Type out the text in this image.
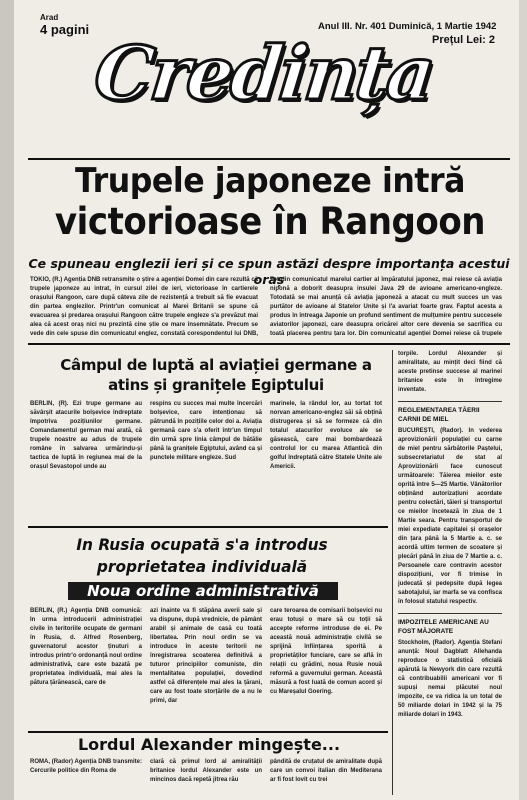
Arad
4 pagini	Anul III. Nr. 401 Duminică, 1 Martie 1942
Prețul Lei: 2
Credința
Trupele japoneze intră
victorioase în Rangoon
Ce spuneau englezii ieri și ce spun astăzi despre importanța acestui oraș

TOKIO, (R.) Agenția DNB retransmite o știre a agenției Domei din care rezultă că trupele japoneze au intrat, în cursul zilei de ieri, victorioase în cartierele orașului Rangoon, care după câteva zile de rezistență a trebuit să fie evacuat din partea englezilor. Printr'un comunicat al Marei Britanii se spune că evacuarea și predarea orașului Rangoon către trupele engleze s'a prevăzut mai alea că acest oraș nici nu prezintă cine știe ce mare însemnătate. Precum se vede din cele spuse din comunicatul englez, constată corespondentul lui DNB,

Tot din comunicatul marelui cartier al împăratului japonez, mai reiese că aviația niponă a doborît deasupra insulei Java 29 de avioane americano-engleze. Totodată se mai anunță că aviația japoneză a atacat cu mult succes un vas purtător de avioane al Statelor Unite și l'a avariat foarte grav. Faptul acesta a produs în întreaga Japonie un profund sentiment de mulțumire pentru succesele aviatorilor japonezi, care deasupra oricărei altor cere devenia se sacrifica cu toată placerea pentru țara lor. Din comunicatul agenției Domei reiese că trupele

Câmpul de luptă al aviației germane a atins și granițele Egiptului

BERLIN, (R). Ezi trupe germane au săvârșit atacurile bolșevice îndreptate împotriva pozițiunilor germane. Comandamentul german mai arată, că trupele noastre au adus de trupele române în salvarea urmărindu-și tactica de luptă în regiunea mai de la orașul Sevastopol unde au

respins cu succes mai multe încercări bolșevice, care intenționau să pătrundă în pozițiile celor doi a. Aviația germană care s'a oferit într'un timpul din urmă spre linia câmpul de bătălie până la granițele Egiptului, având ca și punctele militare engleze. Sud

marinele, la rândul lor, au tortat tot norvan americano-englez săi să obțină distrugerea și să se formeze că din totalul atacurilor evoluce ale se găsească, care mai bombardează controlul lor cu marea Atlantică din golful îndreptată către Statele Unite ale Americii.

In Rusia ocupată s'a introdus proprietatea individuală
Noua ordine administrativă

BERLIN, (R.) Agenția DNB comunică: In urma introducerii administrației civile în teritoriile ocupate de germani în Rusia, d. Alfred Rosenberg, guvernatorul acestor ținuturi a introdus printr'o ordonanță noul ordine administrativă, care este bazată pe proprietatea individuală, mai ales la pătura țărănească, care de

azi înainte va fi stăpâna averii sale și va dispune, după vrednicie, de pământ arabil și animale de casă cu toată libertatea. Prin noul ordin se va introduce în aceste teritorii ne înregistrarea scoaterea definitivă a tuturor principiilor comuniste, din mentalitatea populației, dovedind astfel că diferențele mai ales la țărani, care au fost toate storțările de a nu le primi, dar

care teroarea de comisarii bolșevici nu erau totuși o mare să cu toții să accepte reforme introduse de ei. Pe această nouă administrație civilă se sprijină înființarea sporită a proprietăților funciare, care se află în relații cu grădini, noua Rusie nouă reformă a guvernului german. Această măsură a fost luată de comun acord și cu Mareșalul Goering.

Lordul Alexander mingește...

ROMA, (Rador) Agenția DNB transmite: Cercurile politice din Roma de

clară că primul lord al amiralității britanice lordul Alexander este un mincinos dacă repetă jitrea rău

pândită de cruțatul de amiralitate după care un convoi italian din Mediterana ar fi fost lovit cu trei

torpile. Lordul Alexander și amiralitate, au mințit deci fiind că aceste pretinse succese al marinei britanice este în întregime inventate.

REGLEMENTAREA TĂERII CARNII DE MIEL

BUCUREȘTI, (Rador). In vederea aprovizionării populației cu carne de miel pentru sărbătorile Paștelui, subsecretariatul de stat al Aprovizionării face cunoscut următoarele: Tăierea mieilor este oprită între 5—25 Martie. Vânătorilor obținând autorizațiuni acordate pentru colectări, tăieri și transportul ce mieilor încetează în ziua de 1 Martie seara. Pentru transportul de miei expediate capitalei și orașelor din țara până la 5 Martie a. c. se acordă ultim termen de scoatere și plecări până în ziua de 7 Martie a. c. Persoanele care contravin acestor dispozițiuni, vor fi trimise în judecată și pedepsite după legea sabotajului, iar marfa se va confisca în folosul statului respectiv.

IMPOZITELE AMERICANE AU FOST MĂJORATE

Stockholm, (Rador). Agenția Stefani anunță: Noul Dagblatt Allehanda reproduce o statistică oficială apărută la Newyork din care rezultă că contribuabilii americani vor fi supuși nemai plăcutei noul impozite, ce va ridica la un total de 50 miliarde dolari în 1942 și la 75 miliarde dolari în 1943.
